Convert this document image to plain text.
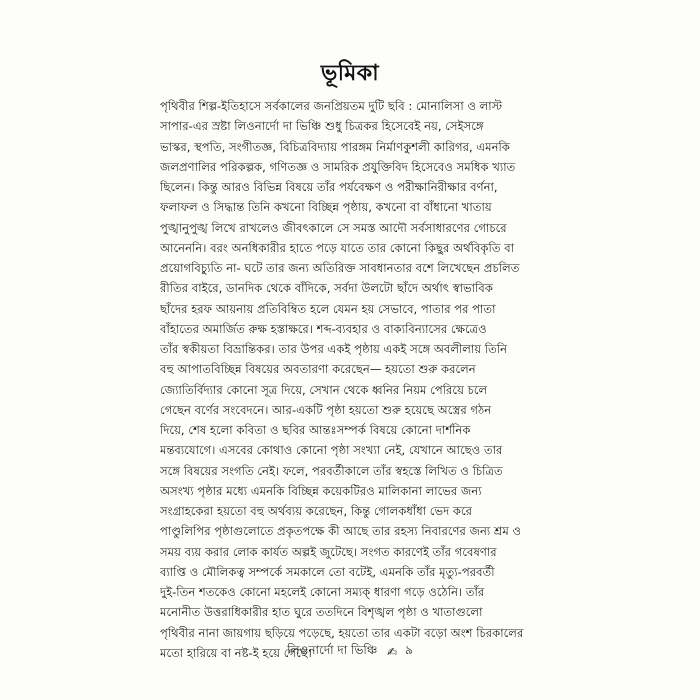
ভূমিকা
পৃথিবীর শিল্প-ইতিহাসে সর্বকালের জনপ্রিয়তম দুটি ছবি : মোনালিসা ও লাস্ট
সাপার-এর স্রষ্টা লিওনার্দো দা ভিঞ্চি শুধু চিত্রকর হিসেবেই নয়, সেইসঙ্গে
ভাস্কর, স্থপতি, সংগীতজ্ঞ, বিচিত্রবিদ্যায় পারঙ্গম নির্মাণকুশলী কারিগর, এমনকি
জলপ্রণালির পরিকল্পক, গণিতজ্ঞ ও সামরিক প্রযুক্তিবিদ হিসেবেও সমধিক খ্যাত
ছিলেন। কিন্তু আরও বিভিন্ন বিষয়ে তাঁর পর্যবেক্ষণ ও পরীক্ষানিরীক্ষার বর্ণনা,
ফলাফল ও সিদ্ধান্ত তিনি কখনো বিচ্ছিন্ন পৃষ্ঠায়, কখনো বা বাঁধানো খাতায়
পুঙ্খানুপুঙ্খ লিখে রাখলেও জীবৎকালে সে সমস্ত আদৌ সর্বসাধারণের গোচরে
আনেননি। বরং অনধিকারীর হাতে পড়ে যাতে তার কোনো কিছুর অর্থবিকৃতি বা
প্রয়োগবিচ্যুতি না- ঘটে তার জন্য অতিরিক্ত সাবধানতার বশে লিখেছেন প্রচলিত
রীতির বাইরে, ডানদিক থেকে বাঁদিকে, সর্বদা উলটো ছাঁদে অর্থাৎ স্বাভাবিক
ছাঁদের হরফ আয়নায় প্রতিবিম্বিত হলে যেমন হয় সেভাবে, পাতার পর পাতা
বাঁহাতের অমার্জিত রুক্ষ হস্তাক্ষরে। শব্দ-ব্যবহার ও বাক্যবিন্যাসের ক্ষেত্রেও
তাঁর স্বকীয়তা বিভ্রান্তিকর। তার উপর একই পৃষ্ঠায় একই সঙ্গে অবলীলায় তিনি
বহু আপাতবিচ্ছিন্ন বিষয়ের অবতারণা করেছেন— হয়তো শুরু করলেন
জ্যোতির্বিদ্যার কোনো সূত্র দিয়ে, সেখান থেকে ধ্বনির নিয়ম পেরিয়ে চলে
গেছেন বর্ণের সংবেদনে। আর-একটি পৃষ্ঠা হয়তো শুরু হয়েছে অস্ত্রের গঠন
দিয়ে, শেষ হলো কবিতা ও ছবির আন্তঃসম্পর্ক বিষয়ে কোনো দার্শনিক
মন্তব্যযোগে। এসবের কোথাও কোনো পৃষ্ঠা সংখ্যা নেই, যেখানে আছেও তার
সঙ্গে বিষয়ের সংগতি নেই। ফলে, পরবর্তীকালে তাঁর স্বহস্তে লিখিত ও চিত্রিত
অসংখ্য পৃষ্ঠার মধ্যে এমনকি বিচ্ছিন্ন কয়েকটিরও মালিকানা লাভের জন্য
সংগ্রাহকেরা হয়তো বহু অর্থব্যয় করেছেন, কিন্তু গোলকধাঁধা ভেদ করে
পাণ্ডুলিপির পৃষ্ঠাগুলোতে প্রকৃতপক্ষে কী আছে তার রহস্য নিবারণের জন্য শ্রম ও
সময় ব্যয় করার লোক কার্যত অল্পই জুটেছে। সংগত কারণেই তাঁর গবেষণার
ব্যাপ্তি ও মৌলিকত্ব সম্পর্কে সমকালে তো বটেই, এমনকি তাঁর মৃত্যু-পরবর্তী
দুই-তিন শতকেও কোনো মহলেই কোনো সম্যক্‌ ধারণা গড়ে ওঠেনি। তাঁর
মনোনীত উত্তরাধিকারীর হাত ঘুরে ততদিনে বিশৃঙ্খল পৃষ্ঠা ও খাতাগুলো
পৃথিবীর নানা জায়গায় ছড়িয়ে পড়েছে, হয়তো তার একটা বড়ো অংশ চিরকালের
মতো হারিয়ে বা নষ্ট-ই হয়ে গেছে।
লিওনার্দো দা ভিঞ্চি ✍ ৯
